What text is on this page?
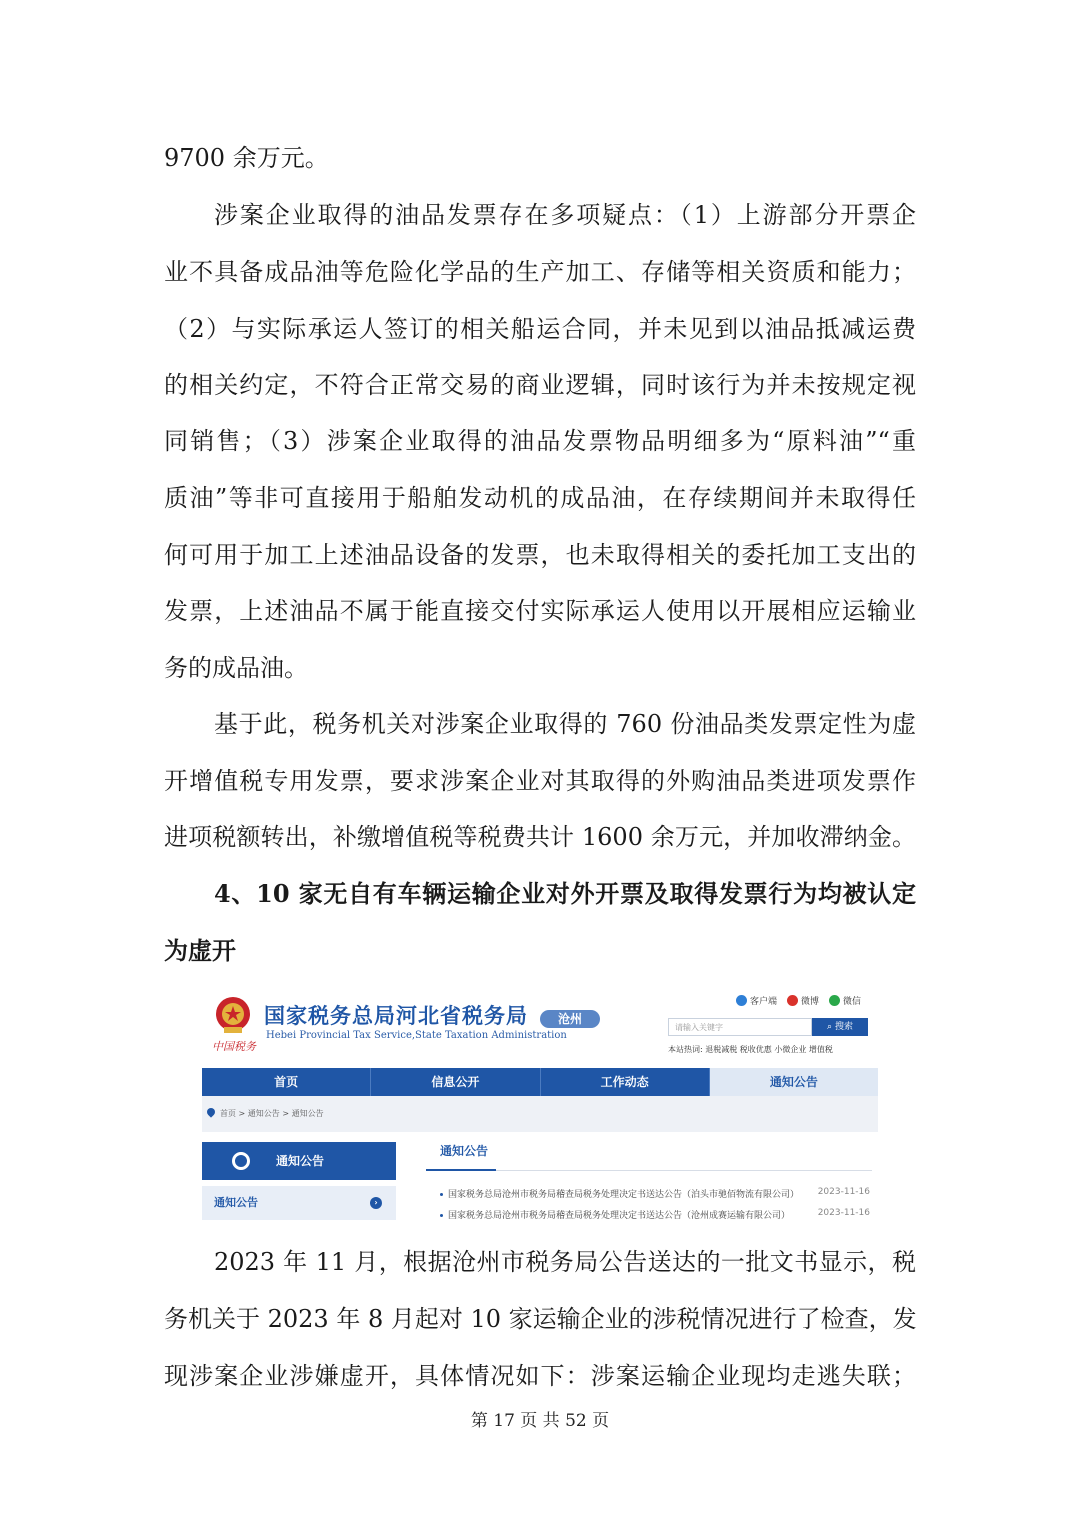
9700 余万元。
涉案企业取得的油品发票存在多项疑点：（1）上游部分开票企
业不具备成品油等危险化学品的生产加工、存储等相关资质和能力；
（2）与实际承运人签订的相关船运合同，并未见到以油品抵减运费
的相关约定，不符合正常交易的商业逻辑，同时该行为并未按规定视
同销售；（3）涉案企业取得的油品发票物品明细多为“原料油”“重
质油”等非可直接用于船舶发动机的成品油，在存续期间并未取得任
何可用于加工上述油品设备的发票，也未取得相关的委托加工支出的
发票，上述油品不属于能直接交付实际承运人使用以开展相应运输业
务的成品油。
基于此，税务机关对涉案企业取得的 760 份油品类发票定性为虚
开增值税专用发票，要求涉案企业对其取得的外购油品类进项发票作
进项税额转出，补缴增值税等税费共计 1600 余万元，并加收滞纳金。
4、10 家无自有车辆运输企业对外开票及取得发票行为均被认定
为虚开
中国税务
国家税务总局河北省税务局
Hebei Provincial Tax Service,State Taxation Administration
沧州
客户端	微博	微信
请输入关键字	⌕ 搜索
本站热词: 退税减税 税收优惠 小微企业 增值税
首页	信息公开	工作动态	通知公告
首页 > 通知公告 > 通知公告
通知公告
通知公告	›
通知公告
国家税务总局沧州市税务局稽查局税务处理决定书送达公告（泊头市驰佰物流有限公司） 2023-11-16
国家税务总局沧州市税务局稽查局税务处理决定书送达公告（沧州成赛运输有限公司）	2023-11-16
2023 年 11 月，根据沧州市税务局公告送达的一批文书显示，税
务机关于 2023 年 8 月起对 10 家运输企业的涉税情况进行了检查，发
现涉案企业涉嫌虚开，具体情况如下：涉案运输企业现均走逃失联；
第 17 页 共 52 页
